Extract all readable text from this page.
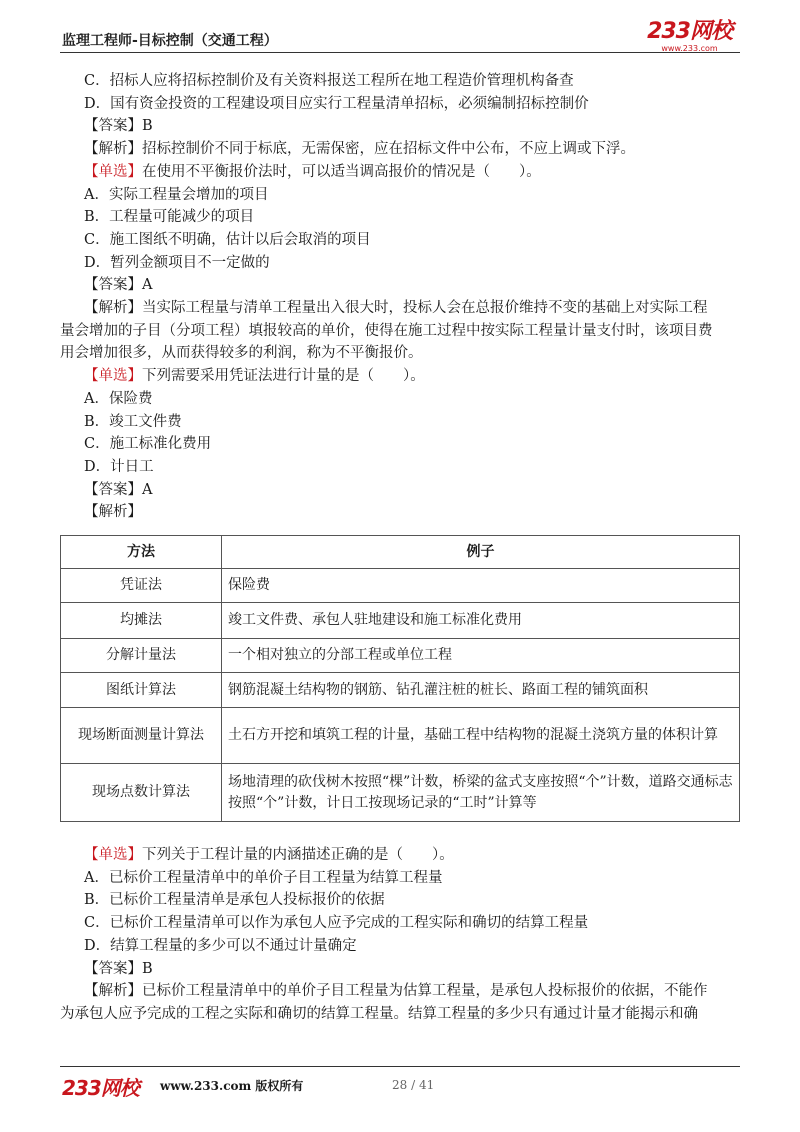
监理工程师-目标控制（交通工程）	233网校
www.233.com
C．招标人应将招标控制价及有关资料报送工程所在地工程造价管理机构备查
D．国有资金投资的工程建设项目应实行工程量清单招标，必须编制招标控制价
【答案】B
【解析】招标控制价不同于标底，无需保密，应在招标文件中公布，不应上调或下浮。
【单选】在使用不平衡报价法时，可以适当调高报价的情况是（　　）。
A．实际工程量会增加的项目
B．工程量可能减少的项目
C．施工图纸不明确，估计以后会取消的项目
D．暂列金额项目不一定做的
【答案】A
【解析】当实际工程量与清单工程量出入很大时，投标人会在总报价维持不变的基础上对实际工程
量会增加的子目（分项工程）填报较高的单价，使得在施工过程中按实际工程量计量支付时，该项目费
用会增加很多，从而获得较多的利润，称为不平衡报价。
【单选】下列需要采用凭证法进行计量的是（　　）。
A．保险费
B．竣工文件费
C．施工标准化费用
D．计日工
【答案】A
【解析】
方法	例子
凭证法	保险费
均摊法	竣工文件费、承包人驻地建设和施工标准化费用
分解计量法	一个相对独立的分部工程或单位工程
图纸计算法	钢筋混凝土结构物的钢筋、钻孔灌注桩的桩长、路面工程的铺筑面积
现场断面测量计算法	土石方开挖和填筑工程的计量，基础工程中结构物的混凝土浇筑方量的体积计算
现场点数计算法	场地清理的砍伐树木按照“棵”计数，桥梁的盆式支座按照“个”计数，道路交通标志按照“个”计数，计日工按现场记录的“工时”计算等
【单选】下列关于工程计量的内涵描述正确的是（　　）。
A．已标价工程量清单中的单价子目工程量为结算工程量
B．已标价工程量清单是承包人投标报价的依据
C．已标价工程量清单可以作为承包人应予完成的工程实际和确切的结算工程量
D．结算工程量的多少可以不通过计量确定
【答案】B
【解析】已标价工程量清单中的单价子目工程量为估算工程量，是承包人投标报价的依据，不能作
为承包人应予完成的工程之实际和确切的结算工程量。结算工程量的多少只有通过计量才能揭示和确
233网校 www.233.com 版权所有	28 / 41
